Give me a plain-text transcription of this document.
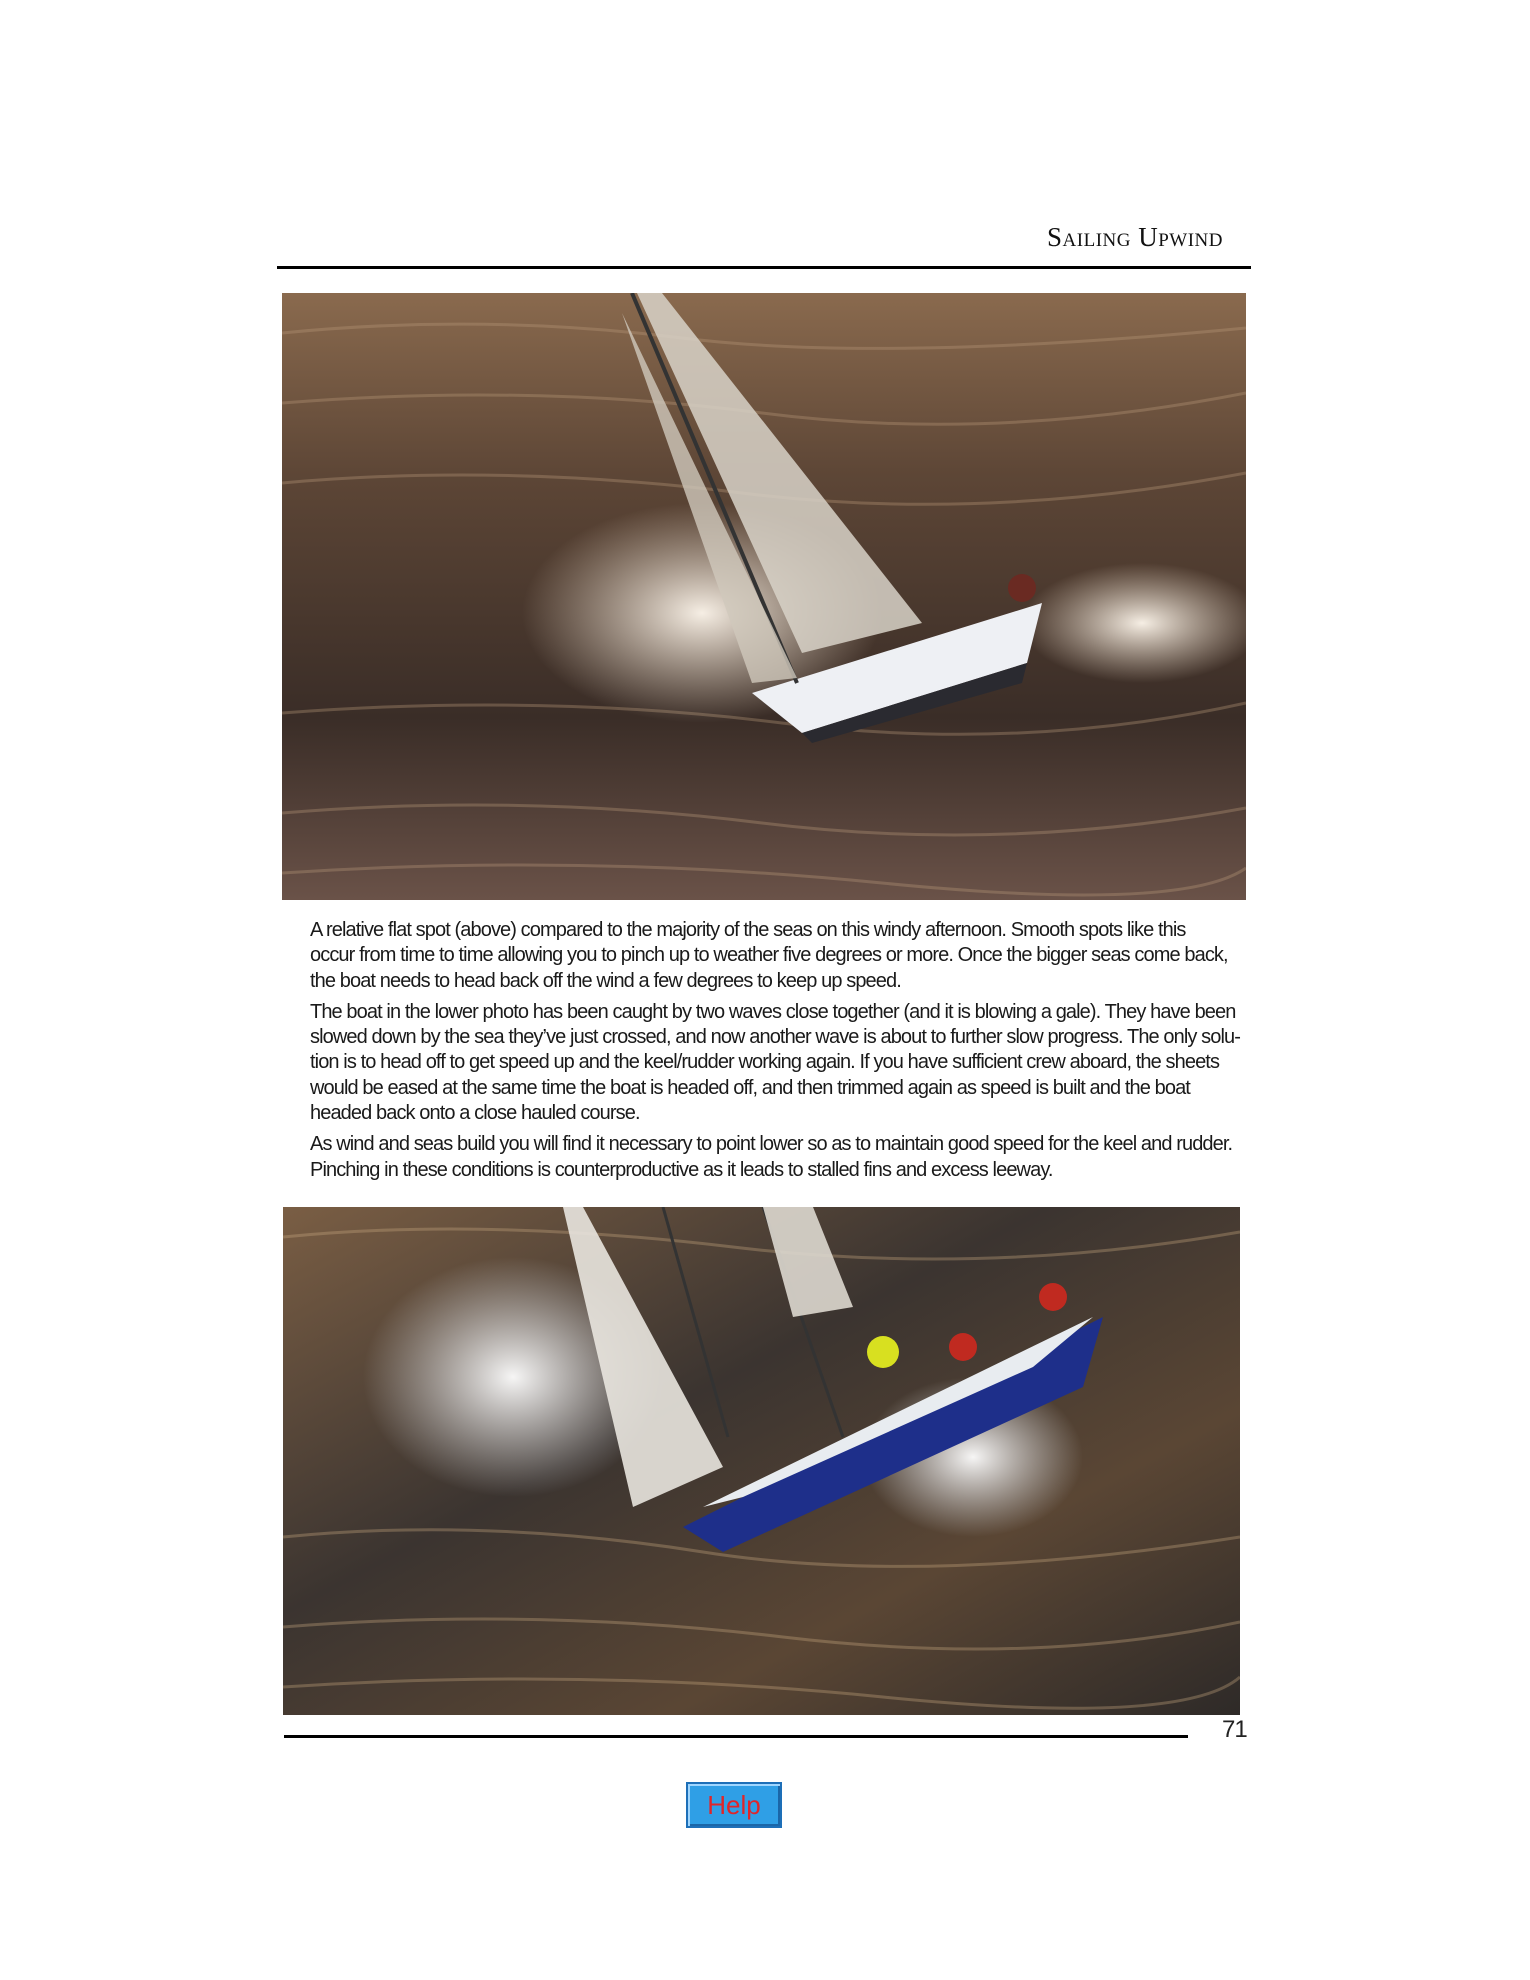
Sailing Upwind
A relative flat spot (above) compared to the majority of the seas on this windy afternoon. Smooth spots like this
occur from time to time allowing you to pinch up to weather five degrees or more. Once the bigger seas come back,
the boat needs to head back off the wind a few degrees to keep up speed.
The boat in the lower photo has been caught by two waves close together (and it is blowing a gale). They have been
slowed down by the sea they’ve just crossed, and now another wave is about to further slow progress. The only solu-
tion is to head off to get speed up and the keel/rudder working again. If you have sufficient crew aboard, the sheets
would be eased at the same time the boat is headed off, and then trimmed again as speed is built and the boat
headed back onto a close hauled course.
As wind and seas build you will find it necessary to point lower so as to maintain good speed for the keel and rudder.
Pinching in these conditions is counterproductive as it leads to stalled fins and excess leeway.
71
Help
